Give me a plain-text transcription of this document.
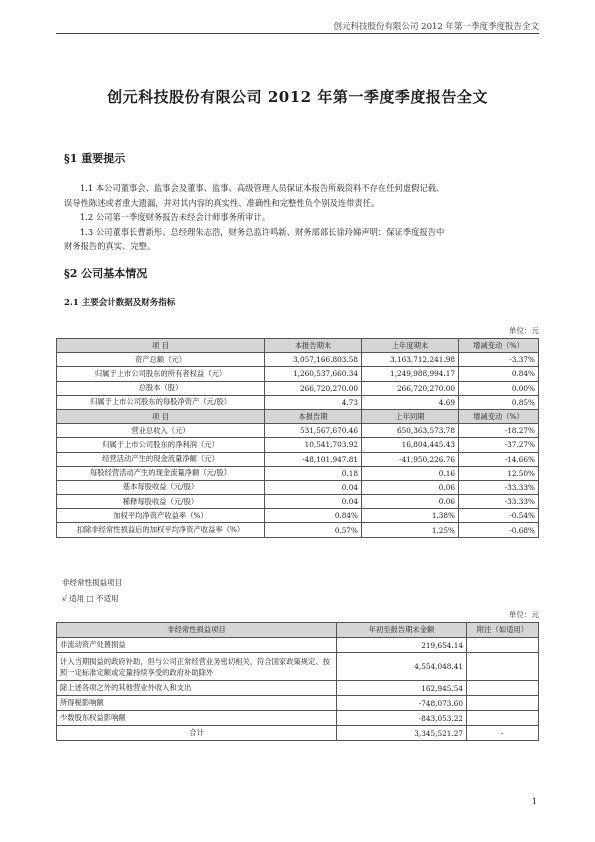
创元科技股份有限公司 2012 年第一季度季度报告全文
创元科技股份有限公司 2012 年第一季度季度报告全文
§1 重要提示
1.1 本公司董事会、监事会及董事、监事、高级管理人员保证本报告所载资料不存在任何虚假记载、
误导性陈述或者重大遗漏，并对其内容的真实性、准确性和完整性负个别及连带责任。
1.2 公司第一季度财务报告未经会计师事务所审计。
1.3 公司董事长曹新彤、总经理朱志浩，财务总监许鸣新、财务部部长徐玲娣声明：保证季度报告中
财务报告的真实、完整。
§2 公司基本情况
2.1 主要会计数据及财务指标
单位：元
项 目	本报告期末	上年度期末	增减变动（%）
资产总额（元）	3,057,166,803.58	3,163,712,241.98	-3.37%
归属于上市公司股东的所有者权益（元）	1,260,537,660.34	1,249,988,994.17	0.84%
总股本（股）	266,720,270.00	266,720,270.00	0.00%
归属于上市公司股东的每股净资产（元/股）	4.73	4.69	0.85%
项 目	本报告期	上年同期	增减变动（%）
营业总收入（元）	531,567,670.46	650,363,573.78	-18.27%
归属于上市公司股东的净利润（元）	10,541,703.92	16,804,445.43	-37.27%
经营活动产生的现金流量净额（元）	-48,101,947.81	-41,950,226.76	-14.66%
每股经营活动产生的现金流量净额（元/股）	0.18	0.16	12.50%
基本每股收益（元/股）	0.04	0.06	-33.33%
稀释每股收益（元/股）	0.04	0.06	-33.33%
加权平均净资产收益率（%）	0.84%	1.38%	-0.54%
扣除非经常性损益后的加权平均净资产收益率（%）	0.57%	1.25%	-0.68%
非经常性损益项目
√ 适用 □ 不适用
单位：元
非经常性损益项目	年初至报告期末金额	附注（如适用）
非流动资产处置损益	219,654.14	
计入当期损益的政府补助，但与公司正常经营业务密切相关，符合国家政策规定、按照一定标准定额或定量持续享受的政府补助除外	4,554,048.41	
除上述各项之外的其他营业外收入和支出	162,945.54	
所得税影响额	-748,073.60	
少数股东权益影响额	-843,053.22	
合计	3,345,521.27	-
1
